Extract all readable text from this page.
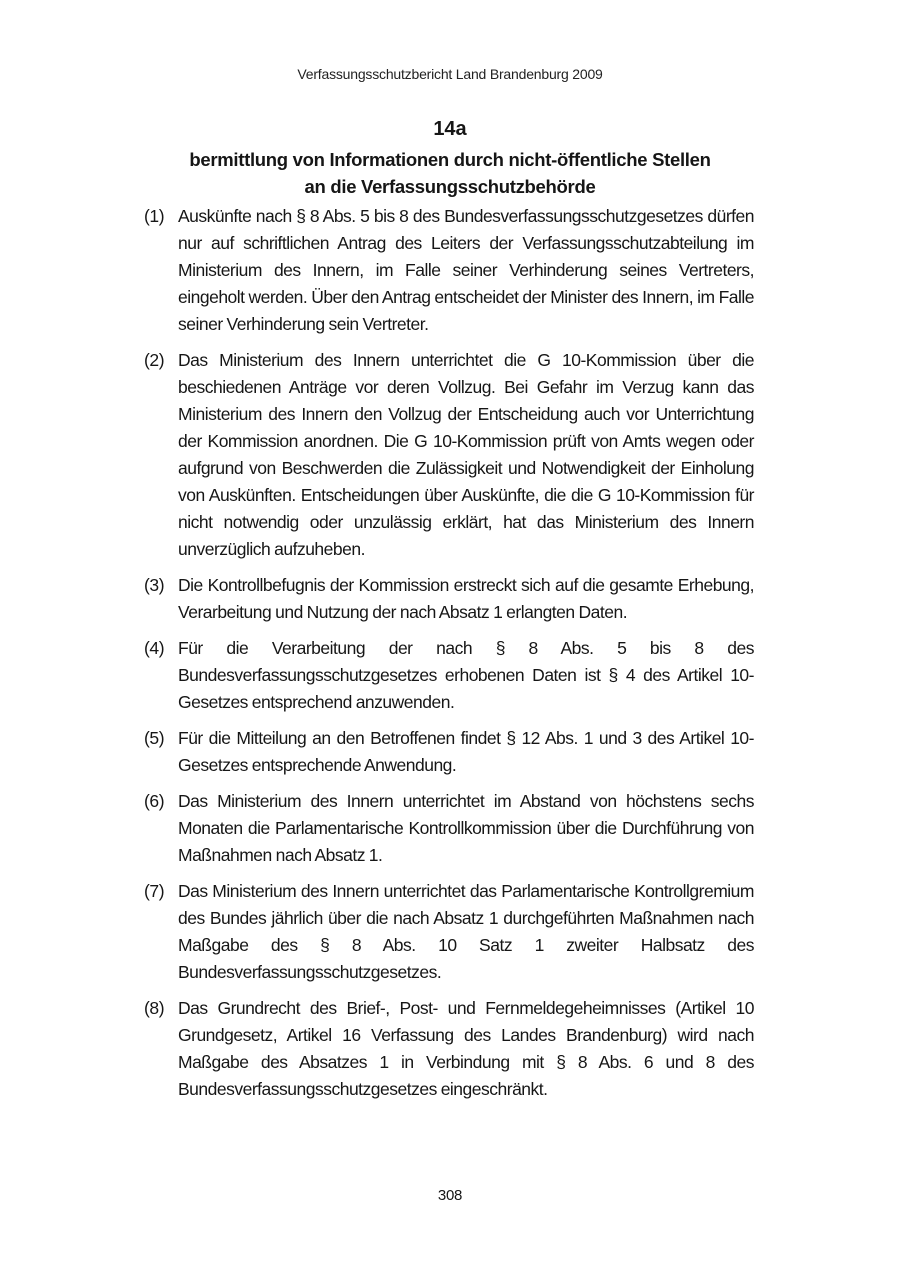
Verfassungsschutzbericht Land Brandenburg 2009
14a
bermittlung von Informationen durch nicht-öffentliche Stellen
an die Verfassungsschutzbehörde
(1) Auskünfte nach § 8 Abs. 5 bis 8 des Bundesverfassungsschutzgesetzes dürfen nur auf schriftlichen Antrag des Leiters der Verfassungsschutzabteilung im Ministerium des Innern, im Falle seiner Verhinderung seines Vertreters, eingeholt werden. Über den Antrag entscheidet der Minister des Innern, im Falle seiner Verhinderung sein Vertreter.
(2) Das Ministerium des Innern unterrichtet die G 10-Kommission über die beschiedenen Anträge vor deren Vollzug. Bei Gefahr im Verzug kann das Ministerium des Innern den Vollzug der Entscheidung auch vor Unterrichtung der Kommission anordnen. Die G 10-Kommission prüft von Amts wegen oder aufgrund von Beschwerden die Zulässigkeit und Notwendigkeit der Einholung von Auskünften. Entscheidungen über Auskünfte, die die G 10-Kommission für nicht notwendig oder unzulässig erklärt, hat das Ministerium des Innern unverzüglich aufzuheben.
(3) Die Kontrollbefugnis der Kommission erstreckt sich auf die gesamte Erhebung, Verarbeitung und Nutzung der nach Absatz 1 erlangten Daten.
(4) Für die Verarbeitung der nach § 8 Abs. 5 bis 8 des Bundesverfassungsschutzgesetzes erhobenen Daten ist § 4 des Artikel 10-Gesetzes entsprechend anzuwenden.
(5) Für die Mitteilung an den Betroffenen findet § 12 Abs. 1 und 3 des Artikel 10-Gesetzes entsprechende Anwendung.
(6) Das Ministerium des Innern unterrichtet im Abstand von höchstens sechs Monaten die Parlamentarische Kontrollkommission über die Durchführung von Maßnahmen nach Absatz 1.
(7) Das Ministerium des Innern unterrichtet das Parlamentarische Kontrollgremium des Bundes jährlich über die nach Absatz 1 durchgeführten Maßnahmen nach Maßgabe des § 8 Abs. 10 Satz 1 zweiter Halbsatz des Bundesverfassungsschutzgesetzes.
(8) Das Grundrecht des Brief-, Post- und Fernmeldegeheimnisses (Artikel 10 Grundgesetz, Artikel 16 Verfassung des Landes Brandenburg) wird nach Maßgabe des Absatzes 1 in Verbindung mit § 8 Abs. 6 und 8 des Bundesverfassungsschutzgesetzes eingeschränkt.
308
